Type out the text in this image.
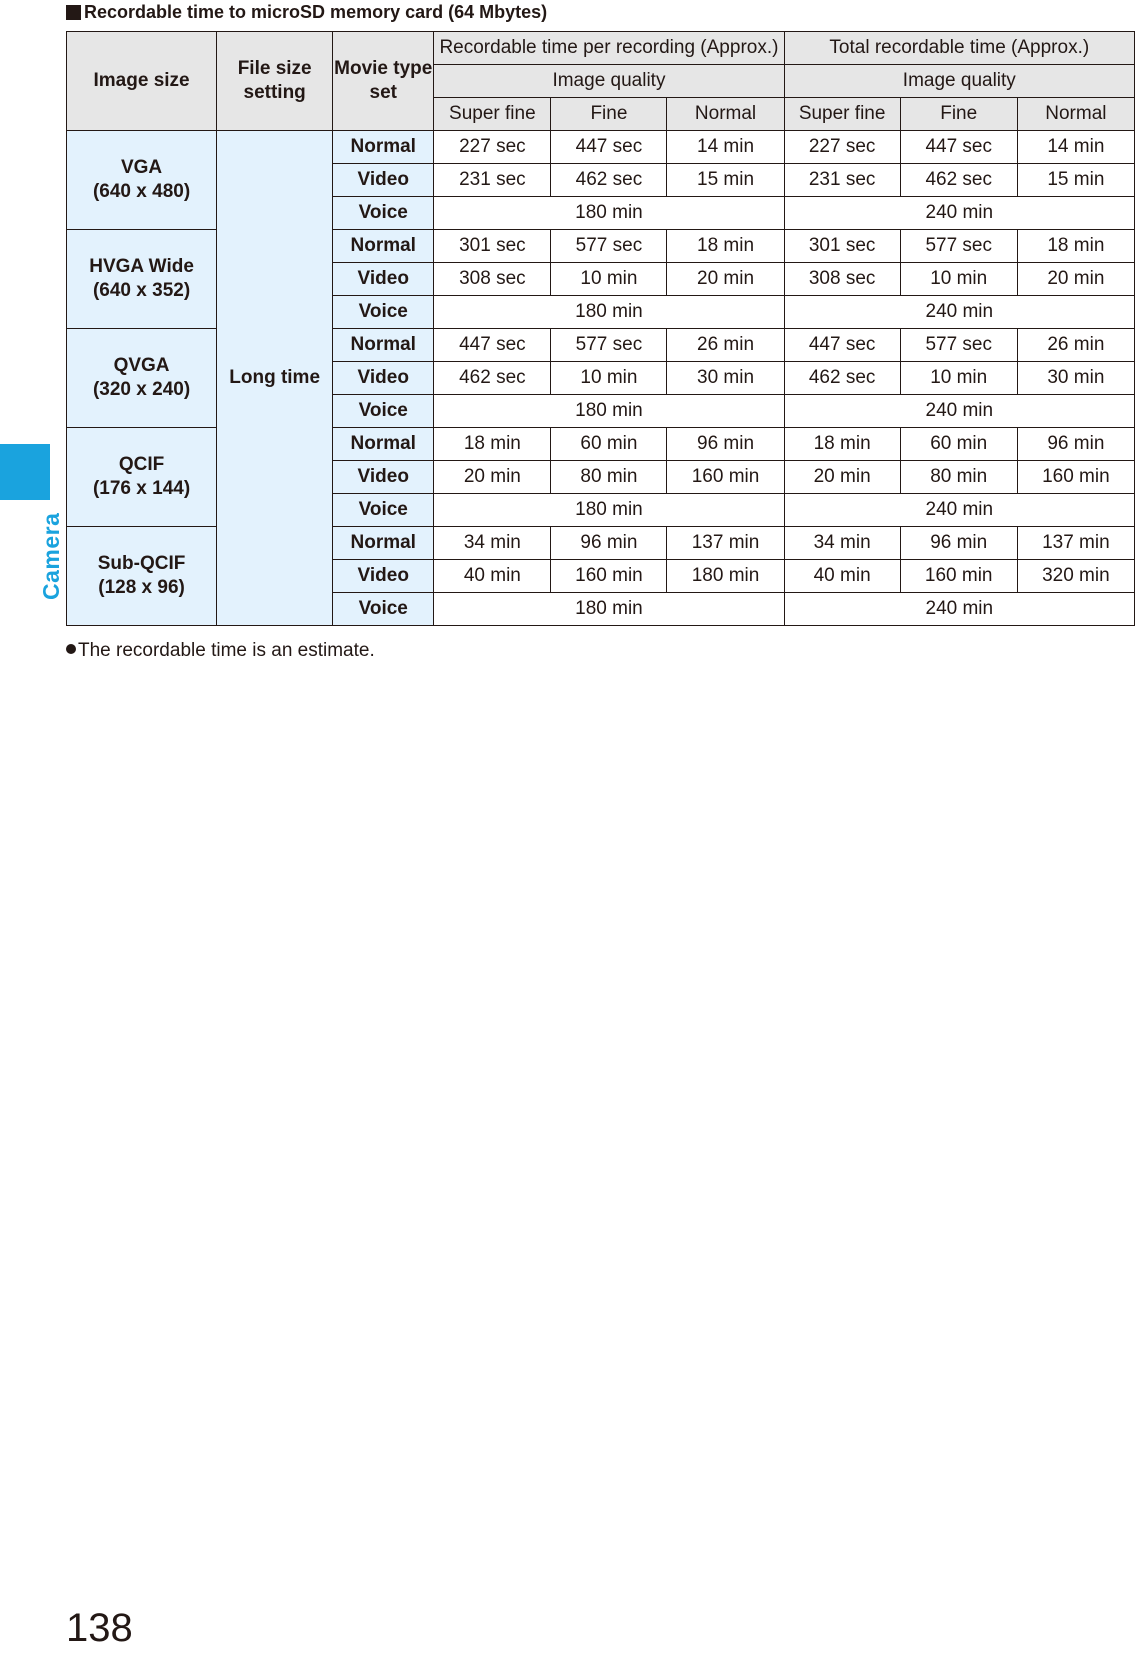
Camera
Recordable time to microSD memory card (64 Mbytes)
Image size	File size setting	Movie type set	Recordable time per recording (Approx.)			Total recordable time (Approx.)		
			Image quality			Image quality		
			Super fine	Fine	Normal	Super fine	Fine	Normal

VGA
(640 x 480)	Long time	Normal	227 sec	447 sec	14 min	227 sec	447 sec	14 min
		Video	231 sec	462 sec	15 min	231 sec	462 sec	15 min
		Voice	180 min			240 min		

HVGA Wide
(640 x 352)		Normal	301 sec	577 sec	18 min	301 sec	577 sec	18 min
		Video	308 sec	10 min	20 min	308 sec	10 min	20 min
		Voice	180 min			240 min		

QVGA
(320 x 240)		Normal	447 sec	577 sec	26 min	447 sec	577 sec	26 min
		Video	462 sec	10 min	30 min	462 sec	10 min	30 min
		Voice	180 min			240 min		

QCIF
(176 x 144)		Normal	18 min	60 min	96 min	18 min	60 min	96 min
		Video	20 min	80 min	160 min	20 min	80 min	160 min
		Voice	180 min			240 min		

Sub-QCIF
(128 x 96)		Normal	34 min	96 min	137 min	34 min	96 min	137 min
		Video	40 min	160 min	180 min	40 min	160 min	320 min
		Voice	180 min			240 min		
The recordable time is an estimate.
138
